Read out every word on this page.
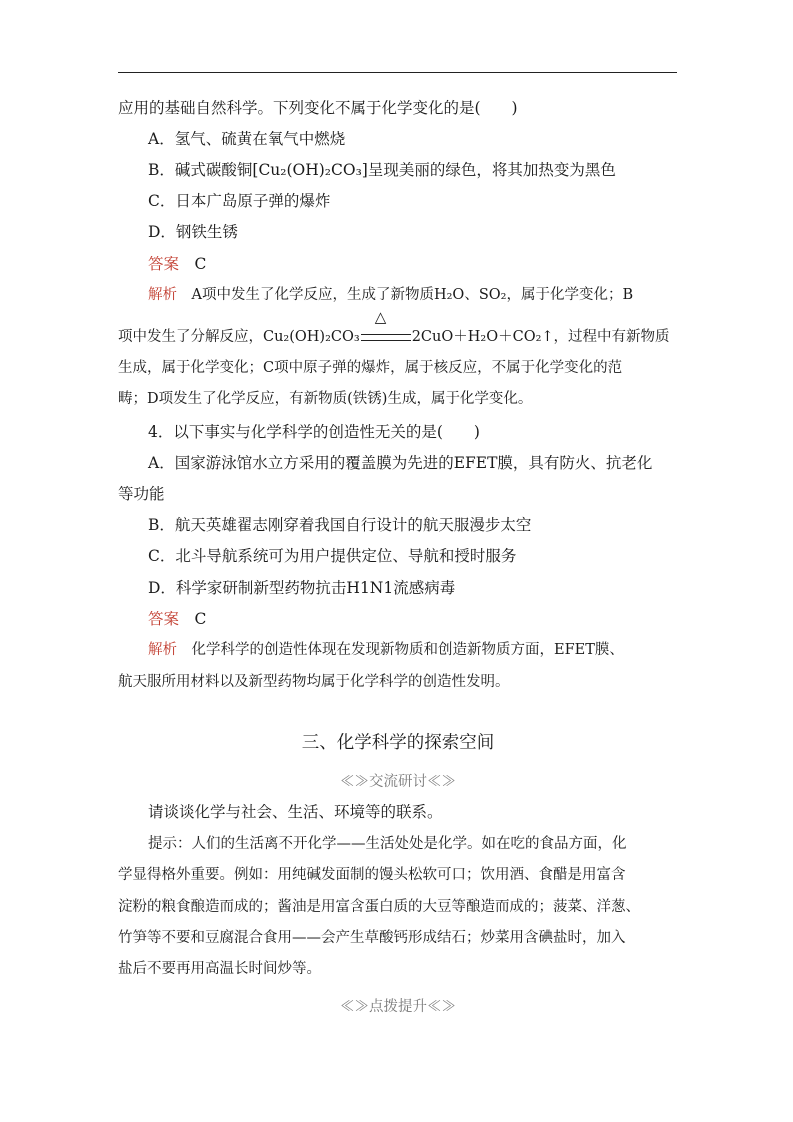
应用的基础自然科学。下列变化不属于化学变化的是(　　)
A．氢气、硫黄在氧气中燃烧
B．碱式碳酸铜[Cu₂(OH)₂CO₃]呈现美丽的绿色，将其加热变为黑色
C．日本广岛原子弹的爆炸
D．钢铁生锈
答案　 C
解析　 A项中发生了化学反应，生成了新物质H₂O、SO₂，属于化学变化；B
项中发生了分解反应，Cu₂(OH)₂CO₃
△
2CuO＋H₂O＋CO₂↑，过程中有新物质
生成，属于化学变化；C项中原子弹的爆炸，属于核反应，不属于化学变化的范
畴；D项发生了化学反应，有新物质(铁锈)生成，属于化学变化。
4．以下事实与化学科学的创造性无关的是(　　)
A．国家游泳馆水立方采用的覆盖膜为先进的EFET膜，具有防火、抗老化
等功能
B．航天英雄翟志刚穿着我国自行设计的航天服漫步太空
C．北斗导航系统可为用户提供定位、导航和授时服务
D．科学家研制新型药物抗击H1N1流感病毒
答案　 C
解析　 化学科学的创造性体现在发现新物质和创造新物质方面，EFET膜、
航天服所用材料以及新型药物均属于化学科学的创造性发明。
三、化学科学的探索空间
≪≫交流研讨≪≫
请谈谈化学与社会、生活、环境等的联系。
提示：人们的生活离不开化学——生活处处是化学。如在吃的食品方面，化
学显得格外重要。例如：用纯碱发面制的馒头松软可口；饮用酒、食醋是用富含
淀粉的粮食酿造而成的；酱油是用富含蛋白质的大豆等酿造而成的；菠菜、洋葱、
竹笋等不要和豆腐混合食用——会产生草酸钙形成结石；炒菜用含碘盐时，加入
盐后不要再用高温长时间炒等。
≪≫点拨提升≪≫
